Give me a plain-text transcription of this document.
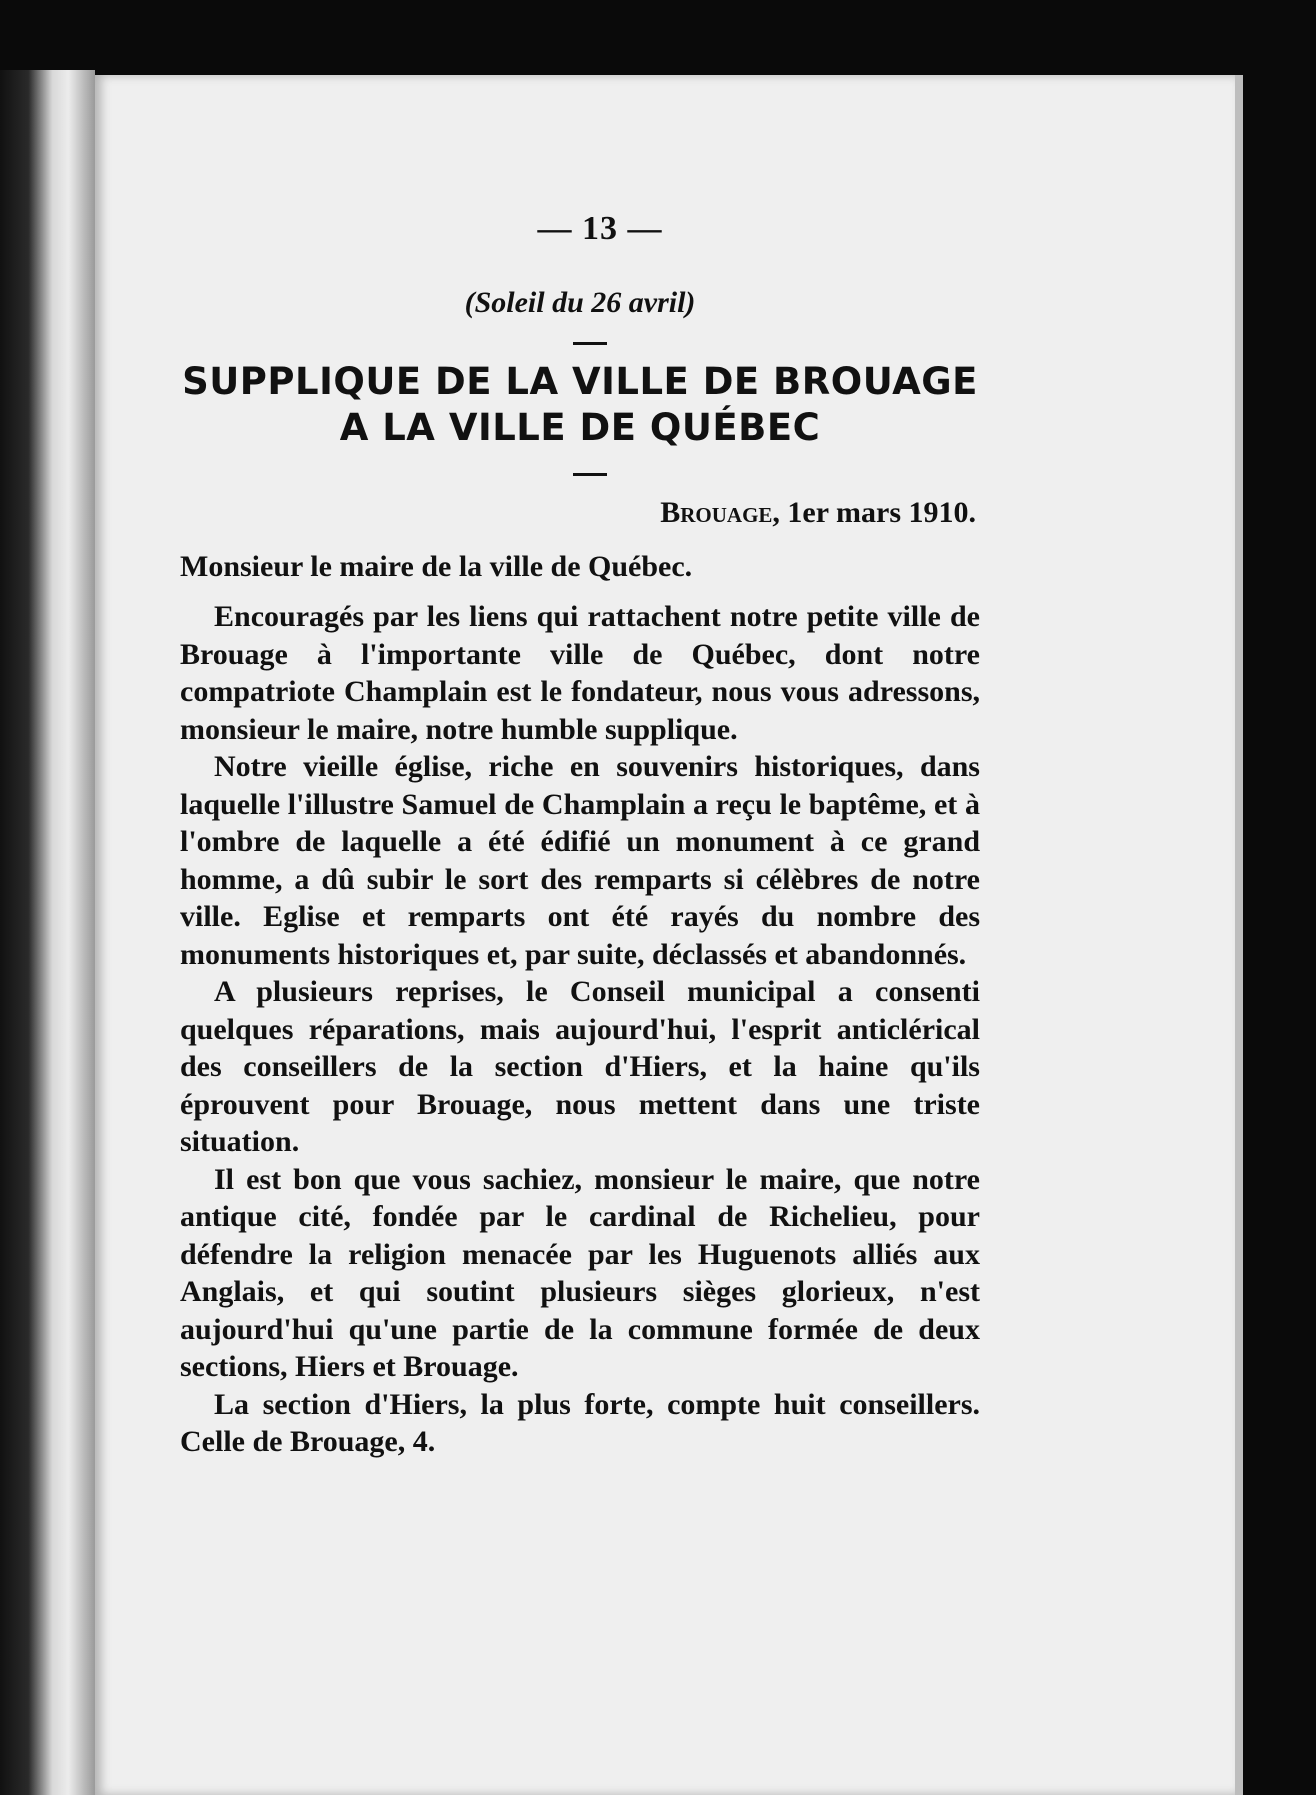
— 13 —
(Soleil du 26 avril)
SUPPLIQUE DE LA VILLE DE BROUAGE
A LA VILLE DE QUÉBEC
Brouage, 1er mars 1910.
Monsieur le maire de la ville de Québec.

Encouragés par les liens qui rattachent notre petite ville de Brouage à l'importante ville de Québec, dont notre compatriote Champlain est le fondateur, nous vous adressons, monsieur le maire, notre humble supplique.

Notre vieille église, riche en souvenirs historiques, dans laquelle l'illustre Samuel de Champlain a reçu le baptême, et à l'ombre de laquelle a été édifié un monument à ce grand homme, a dû subir le sort des remparts si célèbres de notre ville. Eglise et remparts ont été rayés du nombre des monuments historiques et, par suite, déclassés et abandonnés.

A plusieurs reprises, le Conseil municipal a consenti quelques réparations, mais aujourd'hui, l'esprit anticlérical des conseillers de la section d'Hiers, et la haine qu'ils éprouvent pour Brouage, nous mettent dans une triste situation.

Il est bon que vous sachiez, monsieur le maire, que notre antique cité, fondée par le cardinal de Richelieu, pour défendre la religion menacée par les Huguenots alliés aux Anglais, et qui soutint plusieurs sièges glorieux, n'est aujourd'hui qu'une partie de la commune formée de deux sections, Hiers et Brouage.

La section d'Hiers, la plus forte, compte huit conseillers. Celle de Brouage, 4.
